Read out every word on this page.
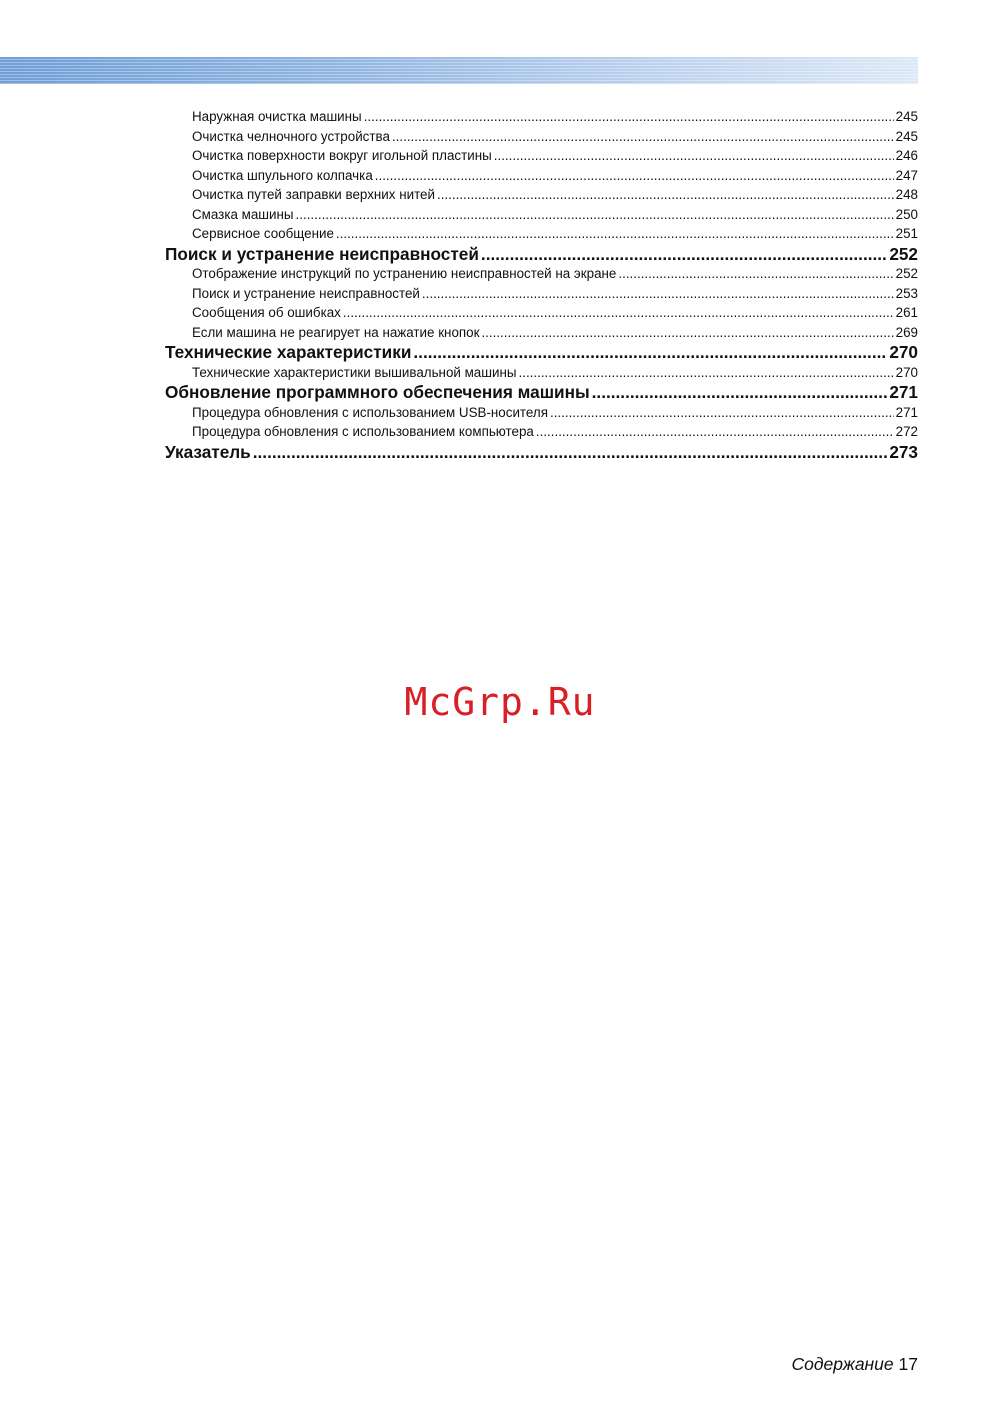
Наружная очистка машины .....	245
Очистка челночного устройства .....	245
Очистка поверхности вокруг игольной пластины .....	246
Очистка шпульного колпачка .....	247
Очистка путей заправки верхних нитей .....	248
Смазка машины .....	250
Сервисное сообщение .....	251
Поиск и устранение неисправностей .....	252
Отображение инструкций по устранению неисправностей на экране .....	252
Поиск и устранение неисправностей .....	253
Сообщения об ошибках .....	261
Если машина не реагирует на нажатие кнопок .....	269
Технические характеристики .....	270
Технические характеристики вышивальной машины .....	270
Обновление программного обеспечения машины .....	271
Процедура обновления с использованием USB-носителя .....	271
Процедура обновления с использованием компьютера .....	272
Указатель .....	273
McGrp.Ru
Содержание 17
